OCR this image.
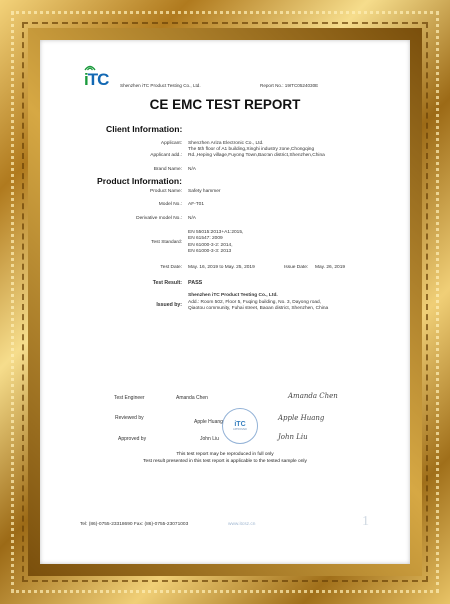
iTC	Shenzhen iTC Product Testing Co., Ltd.	Report No.: 19ITC0524030E
CE EMC TEST REPORT
Client Information:
Applicant: Shenzhen Ariza Electronic Co., Ltd.
Applicant add.:
The 5th floor of A1 building,Xinghi industry zone,Chongqing
Rd.,Heping village,Fuyong Town,Bao'an district,Shenzhen,China
Brand Name: N/A
Product Information:
Product Name: Safety hammer
Model No.: AF-T01
Derivative model No.: N/A
Test Standard:
EN 55015:2013+A1:2015,
EN 61547: 2009
EN 61000-3-2: 2014,
EN 61000-3-3: 2013
Test Date: May. 16, 2019 to May. 25, 2019	Issue Date: May. 26, 2019
Test Result: PASS
Issued by:
Shenzhen iTC Product Testing Co., Ltd.
Add.: Room 502, Floor 5, Fuqing building, No. 3, Dayong road,
Qiaotou community, Fuhai street, Baoan district, Shenzhen, China
Test Engineer	Amanda Chen	Amanda Chen
Reviewed by
Apple Huang	Apple Huang
Approved by	John Liu	John Liu
iTC
APPROVED
This test report may be reproduced in full only
Test result presented in this test report is applicable to the tested sample only
Tel: (86)-0755-23318690 Fax: (86)-0755-23071003	www.itcsz.cn	1
